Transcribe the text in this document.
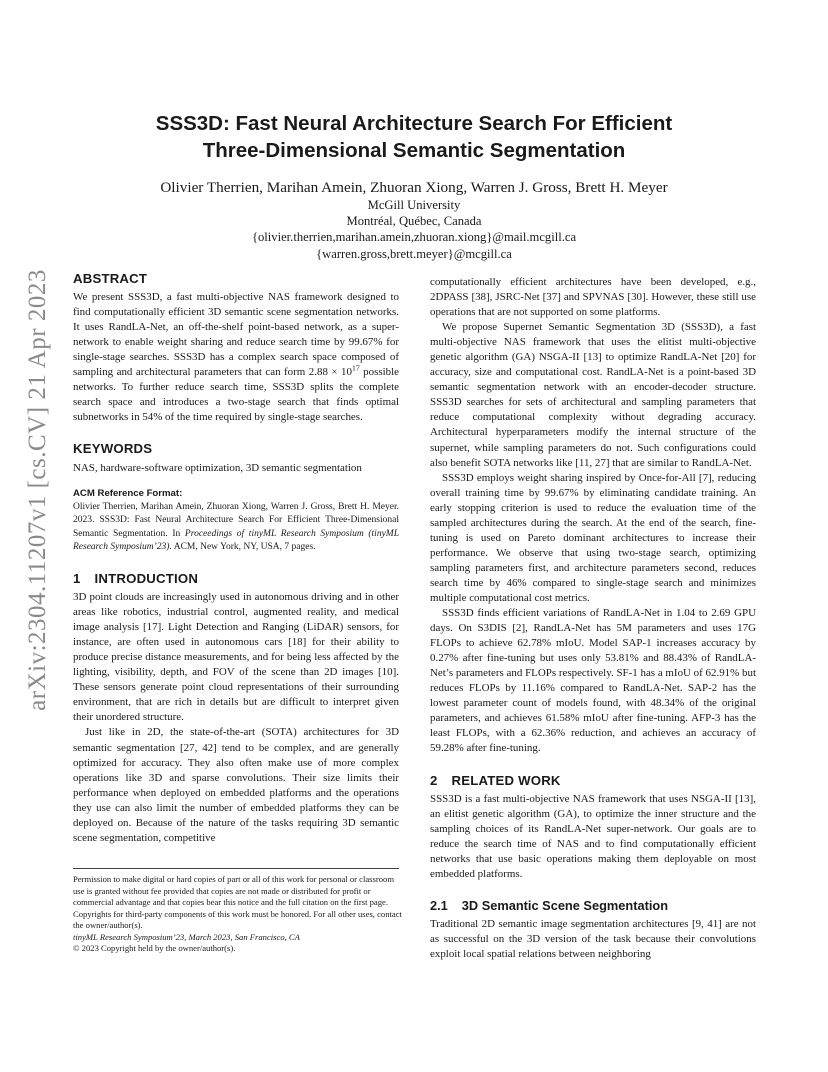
arXiv:2304.11207v1 [cs.CV] 21 Apr 2023
SSS3D: Fast Neural Architecture Search For Efficient
Three-Dimensional Semantic Segmentation
Olivier Therrien, Marihan Amein, Zhuoran Xiong, Warren J. Gross, Brett H. Meyer
McGill University
Montréal, Québec, Canada
{olivier.therrien,marihan.amein,zhuoran.xiong}@mail.mcgill.ca
{warren.gross,brett.meyer}@mcgill.ca
ABSTRACT

We present SSS3D, a fast multi-objective NAS framework designed to find computationally efficient 3D semantic scene segmentation networks. It uses RandLA-Net, an off-the-shelf point-based network, as a super-network to enable weight sharing and reduce search time by 99.67% for single-stage searches. SSS3D has a complex search space composed of sampling and architectural parameters that can form $2.88 \times 10^{17}$ possible networks. To further reduce search time, SSS3D splits the complete search space and introduces a two-stage search that finds optimal subnetworks in 54% of the time required by single-stage searches.

KEYWORDS

NAS, hardware-software optimization, 3D semantic segmentation

ACM Reference Format:

Olivier Therrien, Marihan Amein, Zhuoran Xiong, Warren J. Gross, Brett H. Meyer. 2023. SSS3D: Fast Neural Architecture Search For Efficient Three-Dimensional Semantic Segmentation. In Proceedings of tinyML Research Symposium (tinyML Research Symposium’23). ACM, New York, NY, USA, 7 pages.

1 INTRODUCTION

3D point clouds are increasingly used in autonomous driving and in other areas like robotics, industrial control, augmented reality, and medical image analysis [17]. Light Detection and Ranging (LiDAR) sensors, for instance, are often used in autonomous cars [18] for their ability to produce precise distance measurements, and for being less affected by the lighting, visibility, depth, and FOV of the scene than 2D images [10]. These sensors generate point cloud representations of their surrounding environment, that are rich in details but are difficult to interpret given their unordered structure.

Just like in 2D, the state-of-the-art (SOTA) architectures for 3D semantic segmentation [27, 42] tend to be complex, and are generally optimized for accuracy. They also often make use of more complex operations like 3D and sparse convolutions. Their size limits their performance when deployed on embedded platforms and the operations they use can also limit the number of embedded platforms they can be deployed on. Because of the nature of the tasks requiring 3D semantic scene segmentation, competitive

Permission to make digital or hard copies of part or all of this work for personal or classroom use is granted without fee provided that copies are not made or distributed for profit or commercial advantage and that copies bear this notice and the full citation on the first page. Copyrights for third-party components of this work must be honored. For all other uses, contact the owner/author(s).

tinyML Research Symposium’23, March 2023, San Francisco, CA

© 2023 Copyright held by the owner/author(s).

computationally efficient architectures have been developed, e.g., 2DPASS [38], JSRC-Net [37] and SPVNAS [30]. However, these still use operations that are not supported on some platforms.

We propose Supernet Semantic Segmentation 3D (SSS3D), a fast multi-objective NAS framework that uses the elitist multi-objective genetic algorithm (GA) NSGA-II [13] to optimize RandLA-Net [20] for accuracy, size and computational cost. RandLA-Net is a point-based 3D semantic segmentation network with an encoder-decoder structure. SSS3D searches for sets of architectural and sampling parameters that reduce computational complexity without degrading accuracy. Architectural hyperparameters modify the internal structure of the supernet, while sampling parameters do not. Such configurations could also benefit SOTA networks like [11, 27] that are similar to RandLA-Net.

SSS3D employs weight sharing inspired by Once-for-All [7], reducing overall training time by 99.67% by eliminating candidate training. An early stopping criterion is used to reduce the evaluation time of the sampled architectures during the search. At the end of the search, fine-tuning is used on Pareto dominant architectures to increase their performance. We observe that using two-stage search, optimizing sampling parameters first, and architecture parameters second, reduces search time by 46% compared to single-stage search and minimizes multiple computational cost metrics.

SSS3D finds efficient variations of RandLA-Net in 1.04 to 2.69 GPU days. On S3DIS [2], RandLA-Net has 5M parameters and uses 17G FLOPs to achieve 62.78% mIoU. Model SAP-1 increases accuracy by 0.27% after fine-tuning but uses only 53.81% and 88.43% of RandLA-Net’s parameters and FLOPs respectively. SF-1 has a mIoU of 62.91% but reduces FLOPs by 11.16% compared to RandLA-Net. SAP-2 has the lowest parameter count of models found, with 48.34% of the original parameters, and achieves 61.58% mIoU after fine-tuning. AFP-3 has the least FLOPs, with a 62.36% reduction, and achieves an accuracy of 59.28% after fine-tuning.

2 RELATED WORK

SSS3D is a fast multi-objective NAS framework that uses NSGA-II [13], an elitist genetic algorithm (GA), to optimize the inner structure and the sampling choices of its RandLA-Net super-network. Our goals are to reduce the search time of NAS and to find computationally efficient networks that use basic operations making them deployable on most embedded platforms.

2.1 3D Semantic Scene Segmentation

Traditional 2D semantic image segmentation architectures [9, 41] are not as successful on the 3D version of the task because their convolutions exploit local spatial relations between neighboring
